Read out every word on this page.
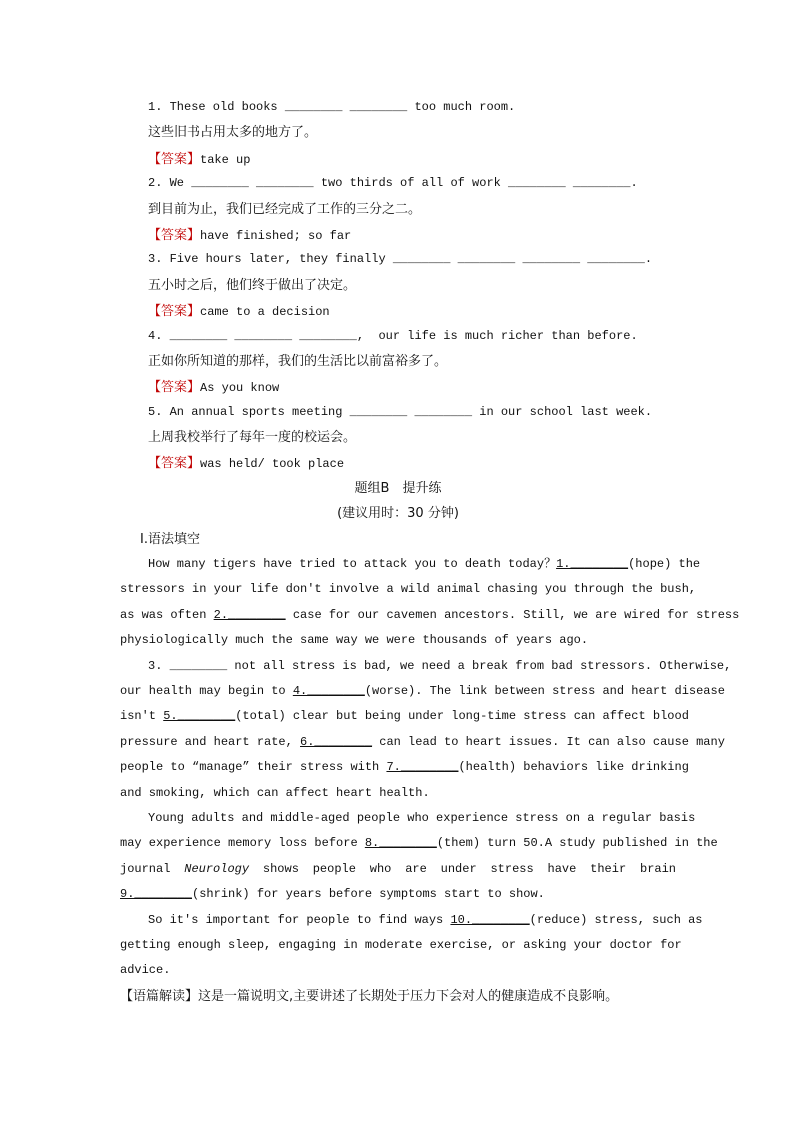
1. These old books ________ ________ too much room.
这些旧书占用太多的地方了。
【答案】take up
2. We ________ ________ two thirds of all of work ________ ________.
到目前为止，我们已经完成了工作的三分之二。
【答案】have finished; so far
3. Five hours later, they finally ________ ________ ________ ________.
五小时之后，他们终于做出了决定。
【答案】came to a decision
4. ________ ________ ________,  our life is much richer than before.
正如你所知道的那样，我们的生活比以前富裕多了。
【答案】As you know
5. An annual sports meeting ________ ________ in our school last week.
上周我校举行了每年一度的校运会。
【答案】was held/ took place
题组B　提升练
(建议用时：30 分钟)
Ⅰ.语法填空
How many tigers have tried to attack you to death today？1.________(hope) the
stressors in your life don't involve a wild animal chasing you through the bush,
as was often 2.________ case for our cavemen ancestors. Still, we are wired for stress
physiologically much the same way we were thousands of years ago.
3. ________ not all stress is bad, we need a break from bad stressors. Otherwise,
our health may begin to 4.________(worse). The link between stress and heart disease
isn't 5.________(total) clear but being under long-time stress can affect blood
pressure and heart rate, 6.________ can lead to heart issues. It can also cause many
people to “manage” their stress with 7.________(health) behaviors like drinking
and smoking, which can affect heart health.
Young adults and middle-aged people who experience stress on a regular basis
may experience memory loss before 8.________(them) turn 50.A study published in the
journal Neurology shows people who are under stress have their brain
9.________(shrink) for years before symptoms start to show.
So it's important for people to find ways 10.________(reduce) stress, such as
getting enough sleep, engaging in moderate exercise, or asking your doctor for
advice.
【语篇解读】这是一篇说明文,主要讲述了长期处于压力下会对人的健康造成不良影响。
